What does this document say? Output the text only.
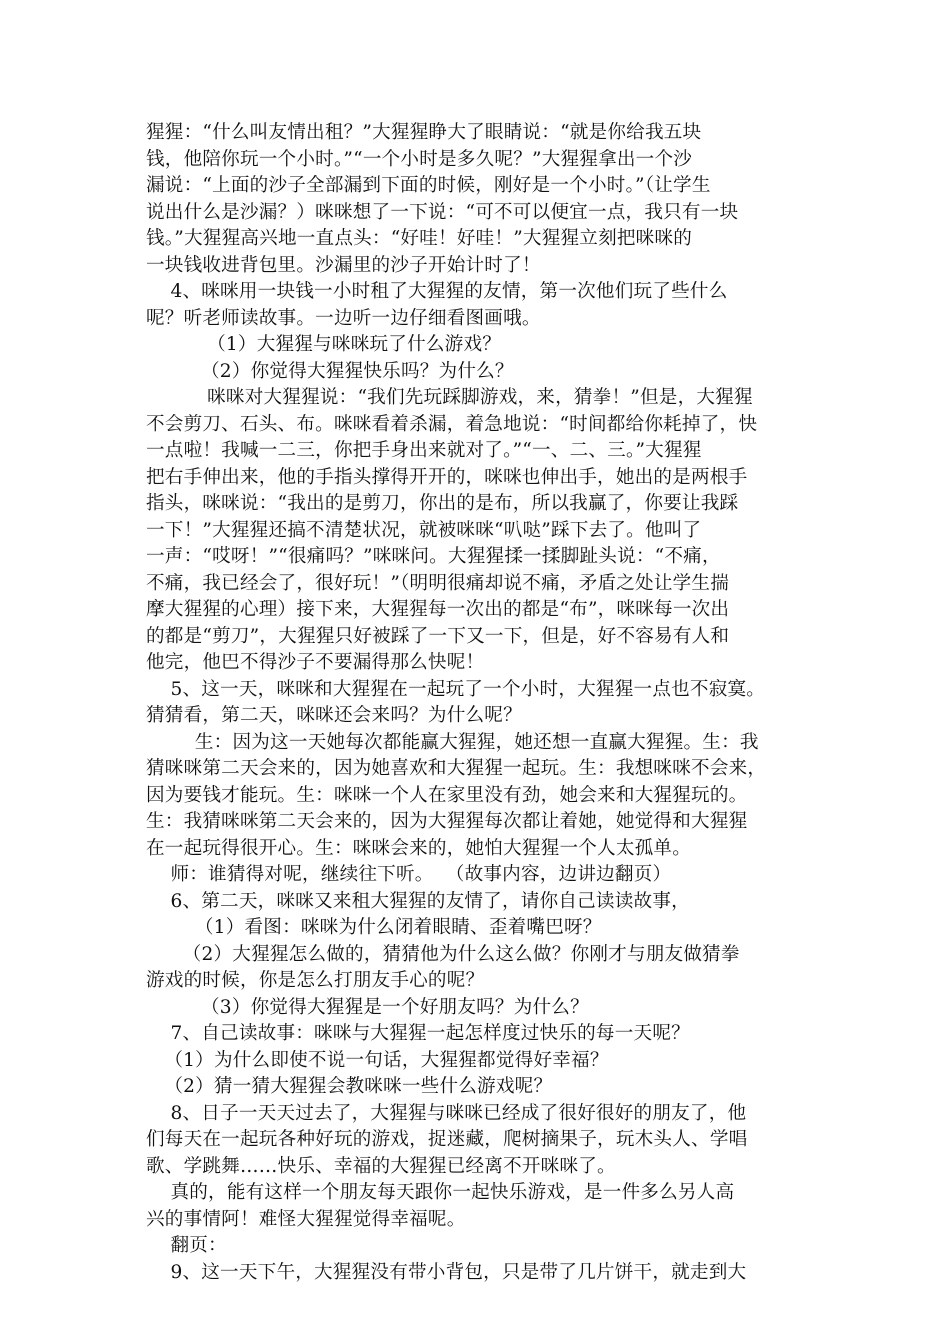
猩猩：“什么叫友情出租？”大猩猩睁大了眼睛说：“就是你给我五块
钱，他陪你玩一个小时。”“一个小时是多久呢？”大猩猩拿出一个沙
漏说：“上面的沙子全部漏到下面的时候，刚好是一个小时。”（让学生
说出什么是沙漏？）咪咪想了一下说：“可不可以便宜一点，我只有一块
钱。”大猩猩高兴地一直点头：“好哇！好哇！”大猩猩立刻把咪咪的
一块钱收进背包里。沙漏里的沙子开始计时了！
4、咪咪用一块钱一小时租了大猩猩的友情，第一次他们玩了些什么
呢？听老师读故事。一边听一边仔细看图画哦。
（1）大猩猩与咪咪玩了什么游戏？
（2）你觉得大猩猩快乐吗？为什么？
咪咪对大猩猩说：“我们先玩踩脚游戏，来，猜拳！”但是，大猩猩
不会剪刀、石头、布。咪咪看着杀漏，着急地说：“时间都给你耗掉了，快
一点啦！我喊一二三，你把手身出来就对了。”“一、二、三。”大猩猩
把右手伸出来，他的手指头撑得开开的，咪咪也伸出手，她出的是两根手
指头，咪咪说：“我出的是剪刀，你出的是布，所以我赢了，你要让我踩
一下！”大猩猩还搞不清楚状况，就被咪咪“叭哒”踩下去了。他叫了
一声：“哎呀！”“很痛吗？”咪咪问。大猩猩揉一揉脚趾头说：“不痛，
不痛，我已经会了，很好玩！”（明明很痛却说不痛，矛盾之处让学生揣
摩大猩猩的心理）接下来，大猩猩每一次出的都是“布”，咪咪每一次出
的都是“剪刀”，大猩猩只好被踩了一下又一下，但是，好不容易有人和
他完，他巴不得沙子不要漏得那么快呢！
5、这一天，咪咪和大猩猩在一起玩了一个小时，大猩猩一点也不寂寞。
猜猜看，第二天，咪咪还会来吗？为什么呢？
生：因为这一天她每次都能赢大猩猩，她还想一直赢大猩猩。生：我
猜咪咪第二天会来的，因为她喜欢和大猩猩一起玩。生：我想咪咪不会来，
因为要钱才能玩。生：咪咪一个人在家里没有劲，她会来和大猩猩玩的。
生：我猜咪咪第二天会来的，因为大猩猩每次都让着她，她觉得和大猩猩
在一起玩得很开心。生：咪咪会来的，她怕大猩猩一个人太孤单。
师：谁猜得对呢，继续往下听。  （故事内容，边讲边翻页）
6、第二天，咪咪又来租大猩猩的友情了，请你自己读读故事，
（1）看图：咪咪为什么闭着眼睛、歪着嘴巴呀？
（2）大猩猩怎么做的，猜猜他为什么这么做？你刚才与朋友做猜拳
游戏的时候，你是怎么打朋友手心的呢？
（3）你觉得大猩猩是一个好朋友吗？为什么？
7、自己读故事：咪咪与大猩猩一起怎样度过快乐的每一天呢？
（1）为什么即使不说一句话，大猩猩都觉得好幸福？
（2）猜一猜大猩猩会教咪咪一些什么游戏呢？
8、日子一天天过去了，大猩猩与咪咪已经成了很好很好的朋友了，他
们每天在一起玩各种好玩的游戏，捉迷藏，爬树摘果子，玩木头人、学唱
歌、学跳舞……快乐、幸福的大猩猩已经离不开咪咪了。
真的，能有这样一个朋友每天跟你一起快乐游戏，是一件多么另人高
兴的事情阿！难怪大猩猩觉得幸福呢。
翻页：
9、这一天下午，大猩猩没有带小背包，只是带了几片饼干，就走到大
